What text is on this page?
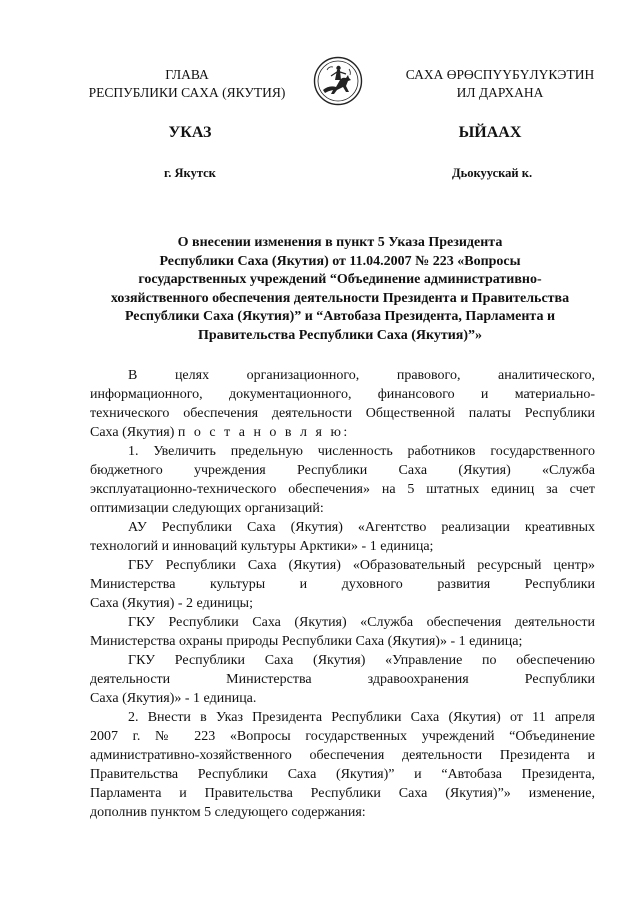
ГЛАВА
РЕСПУБЛИКИ САХА (ЯКУТИЯ)
САХА ӨРӨСПҮҮБҮЛҮКЭТИН
ИЛ ДАРХАНА
УКАЗ	ЫЙААХ
г. Якутск	Дьокуускай к.
О внесении изменения в пункт 5 Указа Президента
Республики Саха (Якутия) от 11.04.2007 № 223 «Вопросы
государственных учреждений “Объединение административно-
хозяйственного обеспечения деятельности Президента и Правительства
Республики Саха (Якутия)” и “Автобаза Президента, Парламента и
Правительства Республики Саха (Якутия)”»
В целях организационного, правового, аналитического,
информационного, документационного, финансового и материально-
технического обеспечения деятельности Общественной палаты Республики
Саха (Якутия) п о с т а н о в л я ю:
1. Увеличить предельную численность работников государственного
бюджетного учреждения Республики Саха (Якутия) «Служба
эксплуатационно-технического обеспечения» на 5 штатных единиц за счет
оптимизации следующих организаций:
АУ Республики Саха (Якутия) «Агентство реализации креативных
технологий и инноваций культуры Арктики» - 1 единица;
ГБУ Республики Саха (Якутия) «Образовательный ресурсный центр»
Министерства культуры и духовного развития Республики
Саха (Якутия) - 2 единицы;
ГКУ Республики Саха (Якутия) «Служба обеспечения деятельности
Министерства охраны природы Республики Саха (Якутия)» - 1 единица;
ГКУ Республики Саха (Якутия) «Управление по обеспечению
деятельности Министерства здравоохранения Республики
Саха (Якутия)» - 1 единица.
2. Внести в Указ Президента Республики Саха (Якутия) от 11 апреля
2007 г. № 223 «Вопросы государственных учреждений “Объединение
административно-хозяйственного обеспечения деятельности Президента и
Правительства Республики Саха (Якутия)” и “Автобаза Президента,
Парламента и Правительства Республики Саха (Якутия)”» изменение,
дополнив пунктом 5 следующего содержания:
